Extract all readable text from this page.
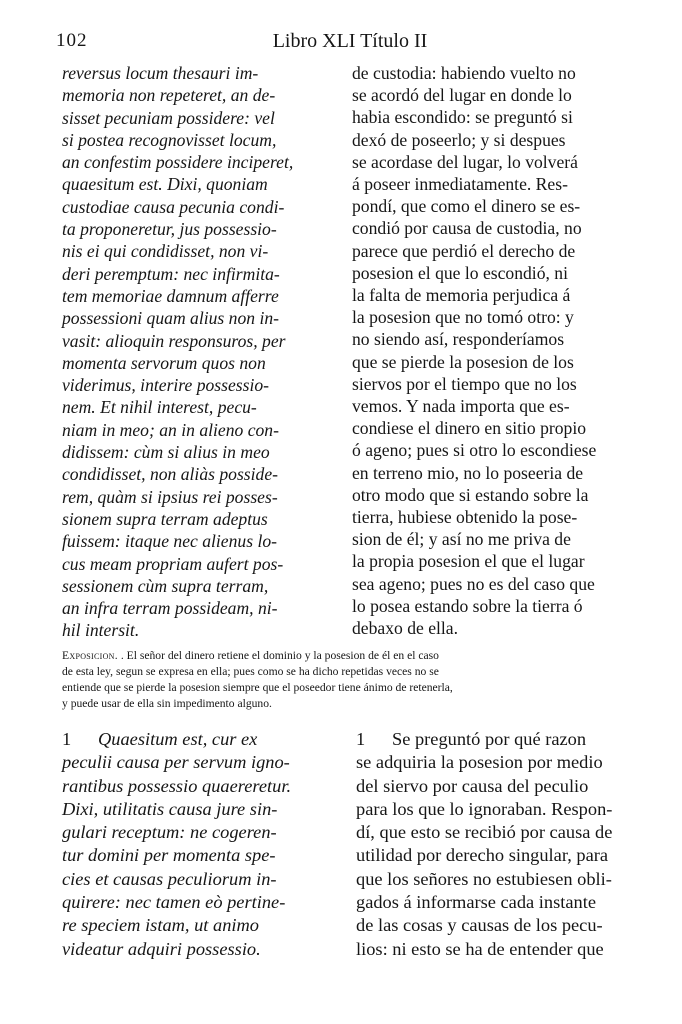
102	Libro XLI Título II
reversus locum thesauri im-
memoria non repeteret, an de-
sisset pecuniam possidere: vel
si postea recognovisset locum,
an confestim possidere inciperet,
quaesitum est. Dixi, quoniam
custodiae causa pecunia condi-
ta proponeretur, jus possessio-
nis ei qui condidisset, non vi-
deri peremptum: nec infirmita-
tem memoriae damnum afferre
possessioni quam alius non in-
vasit: alioquin responsuros, per
momenta servorum quos non
viderimus, interire possessio-
nem. Et nihil interest, pecu-
niam in meo; an in alieno con-
didissem: cùm si alius in meo
condidisset, non aliàs posside-
rem, quàm si ipsius rei posses-
sionem supra terram adeptus
fuissem: itaque nec alienus lo-
cus meam propriam aufert pos-
sessionem cùm supra terram,
an infra terram possideam, ni-
hil intersit.
de custodia: habiendo vuelto no
se acordó del lugar en donde lo
habia escondido: se preguntó si
dexó de poseerlo; y si despues
se acordase del lugar, lo volverá
á poseer inmediatamente. Res-
pondí, que como el dinero se es-
condió por causa de custodia, no
parece que perdió el derecho de
posesion el que lo escondió, ni
la falta de memoria perjudica á
la posesion que no tomó otro: y
no siendo así, responderíamos
que se pierde la posesion de los
siervos por el tiempo que no los
vemos. Y nada importa que es-
condiese el dinero en sitio propio
ó ageno; pues si otro lo escondiese
en terreno mio, no lo poseeria de
otro modo que si estando sobre la
tierra, hubiese obtenido la pose-
sion de él; y así no me priva de
la propia posesion el que el lugar
sea ageno; pues no es del caso que
lo posea estando sobre la tierra ó
debaxo de ella.
Exposicion. . El señor del dinero retiene el dominio y la posesion de él en el caso
de esta ley, segun se expresa en ella; pues como se ha dicho repetidas veces no se
entiende que se pierde la posesion siempre que el poseedor tiene ánimo de retenerla,
y puede usar de ella sin impedimento alguno.
1 Quaesitum est, cur ex
peculii causa per servum igno-
rantibus possessio quaereretur.
Dixi, utilitatis causa jure sin-
gulari receptum: ne cogeren-
tur domini per momenta spe-
cies et causas peculiorum in-
quirere: nec tamen eò pertine-
re speciem istam, ut animo
videatur adquiri possessio.
1 Se preguntó por qué razon
se adquiria la posesion por medio
del siervo por causa del peculio
para los que lo ignoraban. Respon-
dí, que esto se recibió por causa de
utilidad por derecho singular, para
que los señores no estubiesen obli-
gados á informarse cada instante
de las cosas y causas de los pecu-
lios: ni esto se ha de entender que
